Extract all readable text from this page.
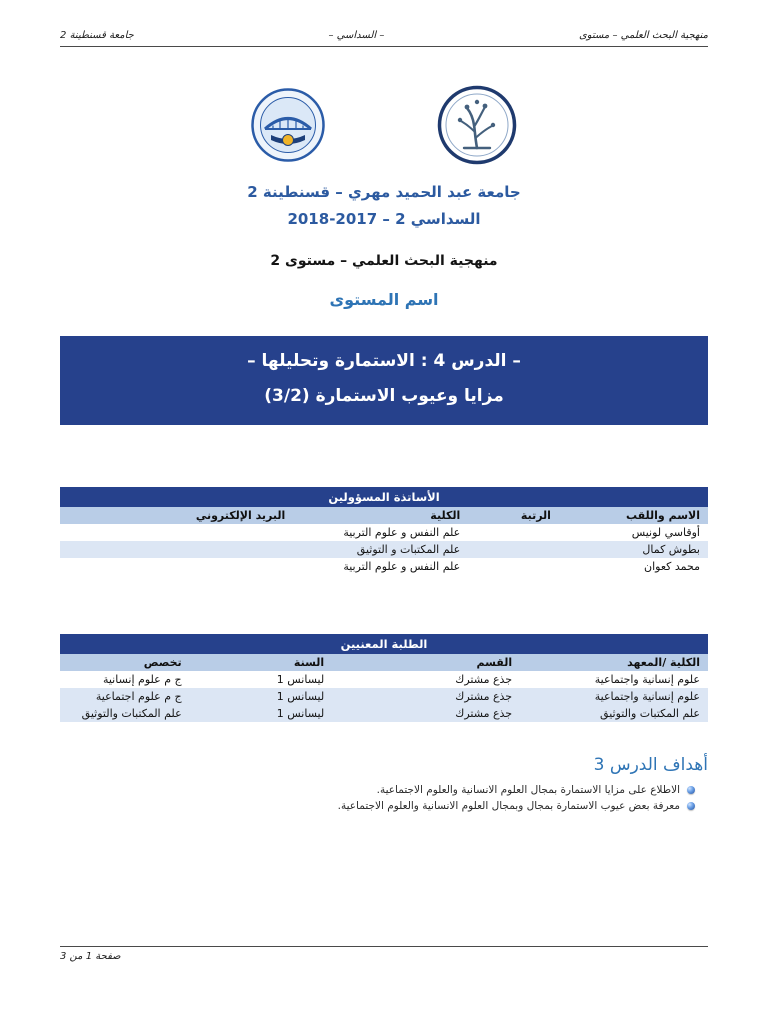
منهجية البحث العلمي – مستوى
– السداسي –
جامعة قسنطينة 2
جامعة عبد الحميد مهري – قسنطينة 2
السداسي 2 – 2017-2018
منهجية البحث العلمي – مستوى 2
اسم المستوى
– الدرس 4 : الاستمارة وتحليلها –
مزايا وعيوب الاستمارة (3/2)
الأساتذة المسؤولين			
الاسم واللقب	الرتبة	الكلية	البريد الإلكتروني
أوقاسي لونيس		علم النفس و علوم التربية	
بطوش كمال		علم المكتبات و التوثيق	
محمد كعوان		علم النفس و علوم التربية	
الطلبة المعنيين			
الكلية /المعهد	القسم	السنة	تخصص
علوم إنسانية واجتماعية	جذع مشترك	ليسانس 1	ج م علوم إنسانية
علوم إنسانية واجتماعية	جذع مشترك	ليسانس 1	ج م علوم اجتماعية
علم المكتبات والتوثيق	جذع مشترك	ليسانس 1	علم المكتبات والتوثيق
أهداف الدرس 3
الاطلاع على مزايا الاستمارة بمجال العلوم الانسانية والعلوم الاجتماعية.
معرفة بعض عيوب الاستمارة بمجال وبمجال العلوم الانسانية والعلوم الاجتماعية.
صفحة 1 من 3
